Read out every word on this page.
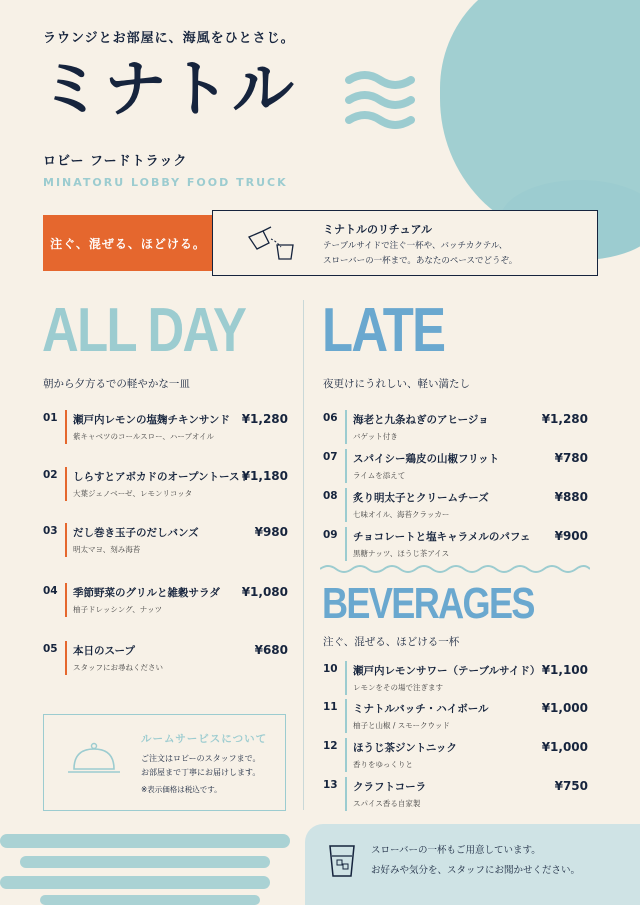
ラウンジとお部屋に、海風をひとさじ。
ミナトル
ロビー フードトラック
MINATORU LOBBY FOOD TRUCK
注ぐ、混ぜる、ほどける。
ミナトルのリチュアル
テーブルサイドで注ぐ一杯や、バッチカクテル、
スローバーの一杯まで。あなたのペースでどうぞ。
ALL DAY
朝から夕方るでの軽やかな一皿
LATE
夜更けにうれしい、軽い満たし
01 瀬戸内レモンの塩麹チキンサンド
紫キャベツのコールスロー、ハーブオイル
¥1,280
02 しらすとアボカドのオープントースト
大葉ジェノベーゼ、レモンリコッタ
¥1,180
03 だし巻き玉子のだしバンズ
明太マヨ、刻み海苔
¥980
04 季節野菜のグリルと雑穀サラダ
柚子ドレッシング、ナッツ
¥1,080
05 本日のスープ
スタッフにお尋ねください
¥680
06 海老と九条ねぎのアヒージョ
バゲット付き
¥1,280
07 スパイシー鶏皮の山椒フリット
ライムを添えて
¥780
08 炙り明太子とクリームチーズ
七味オイル、海苔クラッカー
¥880
09 チョコレートと塩キャラメルのパフェ
黒糖ナッツ、ほうじ茶アイス
¥900
BEVERAGES
注ぐ、混ぜる、ほどける一杯
10 瀬戸内レモンサワー（テーブルサイド）
レモンをその場で注ぎます
¥1,100
11 ミナトルバッチ・ハイボール
柚子と山椒 / スモークウッド
¥1,000
12 ほうじ茶ジントニック
香りをゆっくりと
¥1,000
13 クラフトコーラ
スパイス香る自家製
¥750
ルームサービスについて
ご注文はロビーのスタッフまで。
お部屋まで丁寧にお届けします。
※表示価格は税込です。
スローバーの一杯もご用意しています。
お好みや気分を、スタッフにお聞かせください。
